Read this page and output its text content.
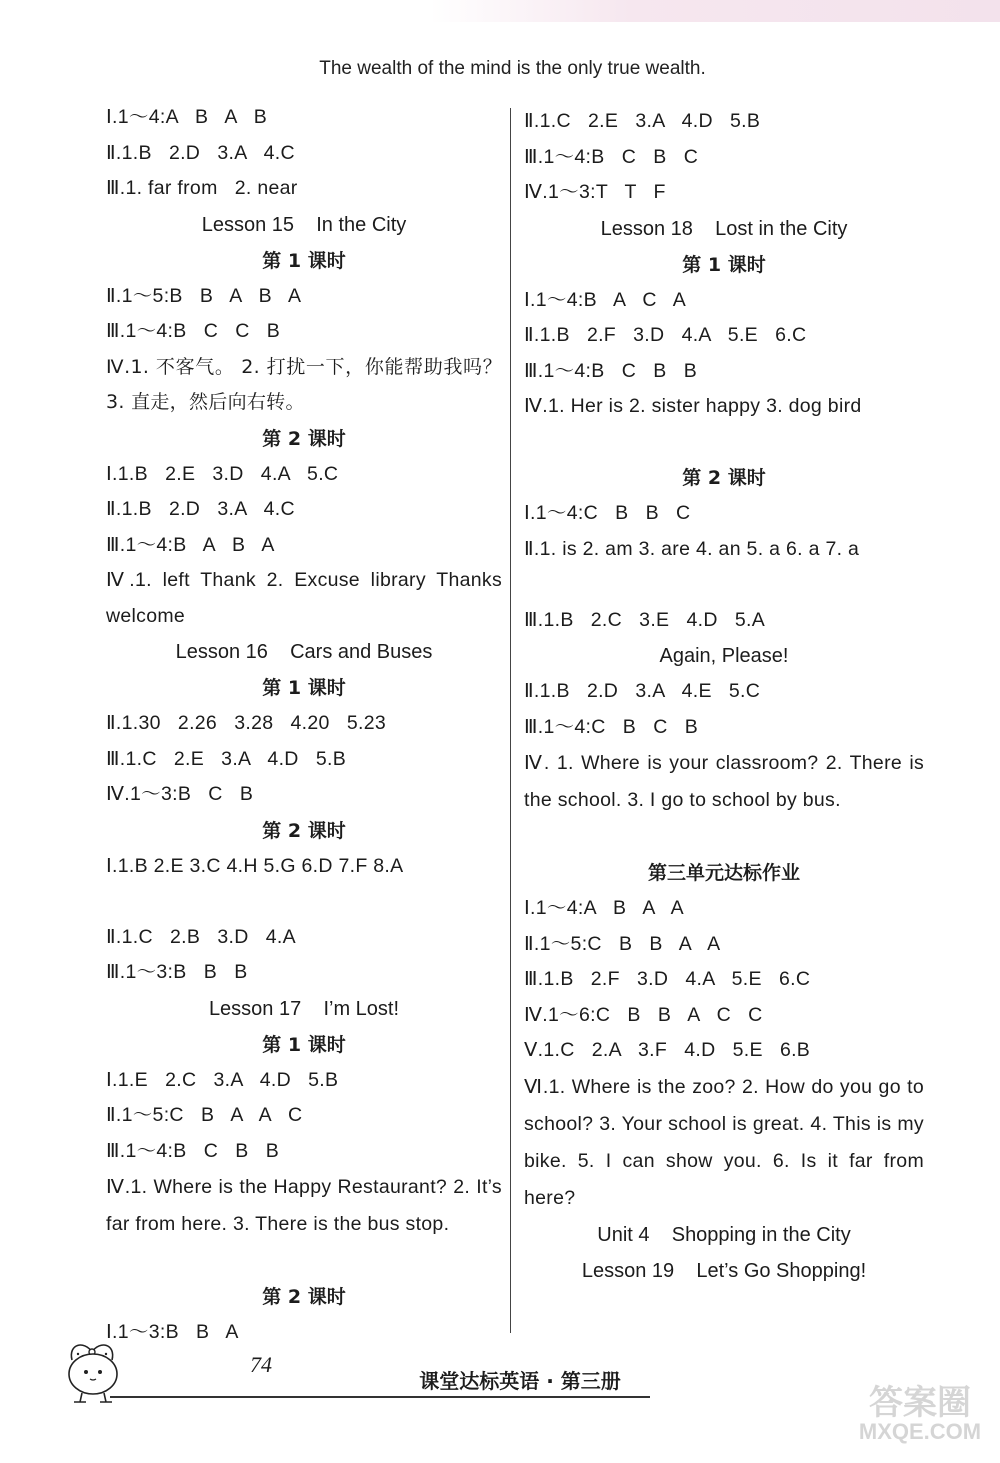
The wealth of the mind is the only true wealth.
Ⅰ.1～4:A   B   A   B
Ⅱ.1.B   2.D   3.A   4.C
Ⅲ.1. far from   2. near
Lesson 15    In the City
第 1 课时
Ⅱ.1～5:B   B   A   B   A
Ⅲ.1～4:B   C   C   B
Ⅳ.1. 不客气。 2. 打扰一下，你能帮助我吗？ 3. 直走，然后向右转。
第 2 课时
Ⅰ.1.B   2.E   3.D   4.A   5.C
Ⅱ.1.B   2.D   3.A   4.C
Ⅲ.1～4:B   A   B   A
Ⅳ.1. left Thank 2. Excuse library Thanks welcome
Lesson 16    Cars and Buses
第 1 课时
Ⅱ.1.30   2.26   3.28   4.20   5.23
Ⅲ.1.C   2.E   3.A   4.D   5.B
Ⅳ.1～3:B   C   B
第 2 课时
Ⅰ.1.B 2.E 3.C 4.H 5.G 6.D 7.F 8.A
Ⅱ.1.C   2.B   3.D   4.A
Ⅲ.1～3:B   B   B
Lesson 17    I’m Lost!
第 1 课时
Ⅰ.1.E   2.C   3.A   4.D   5.B
Ⅱ.1～5:C   B   A   A   C
Ⅲ.1～4:B   C   B   B
Ⅳ.1. Where is the Happy Restaurant? 2. It’s far from here. 3. There is the bus stop.
第 2 课时
Ⅰ.1～3:B   B   A
Ⅱ.1.C   2.E   3.A   4.D   5.B
Ⅲ.1～4:B   C   B   C
Ⅳ.1～3:T   T   F
Lesson 18    Lost in the City
第 1 课时
Ⅰ.1～4:B   A   C   A
Ⅱ.1.B   2.F   3.D   4.A   5.E   6.C
Ⅲ.1～4:B   C   B   B
Ⅳ.1. Her is 2. sister happy 3. dog bird
第 2 课时
Ⅰ.1～4:C   B   B   C
Ⅱ.1. is 2. am 3. are 4. an 5. a 6. a 7. a
Ⅲ.1.B   2.C   3.E   4.D   5.A
Again, Please!
Ⅱ.1.B   2.D   3.A   4.E   5.C
Ⅲ.1～4:C   B   C   B
Ⅳ. 1. Where is your classroom? 2. There is the school. 3. I go to school by bus.
第三单元达标作业
Ⅰ.1～4:A   B   A   A
Ⅱ.1～5:C   B   B   A   A
Ⅲ.1.B   2.F   3.D   4.A   5.E   6.C
Ⅳ.1～6:C   B   B   A   C   C
Ⅴ.1.C   2.A   3.F   4.D   5.E   6.B
Ⅵ.1. Where is the zoo? 2. How do you go to school? 3. Your school is great. 4. This is my bike. 5. I can show you. 6. Is it far from here?
Unit 4    Shopping in the City
Lesson 19    Let’s Go Shopping!
74
课堂达标英语 · 第三册
答案圈
MXQE.COM
